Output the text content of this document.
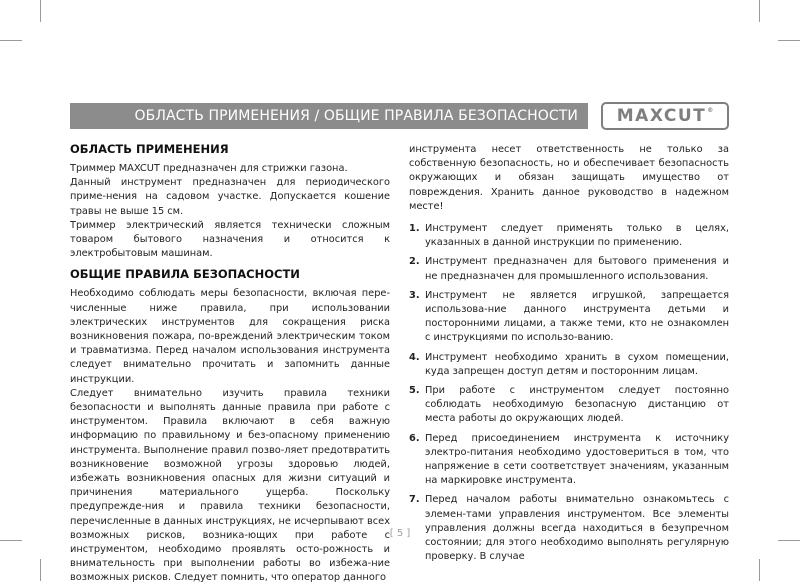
ОБЛАСТЬ ПРИМЕНЕНИЯ / ОБЩИЕ ПРАВИЛА БЕЗОПАСНОСТИ MAXCUT®
ОБЛАСТЬ ПРИМЕНЕНИЯ

Триммер MAXCUT предназначен для стрижки газона.

Данный инструмент предназначен для периодического приме-нения на садовом участке. Допускается кошение травы не выше 15 см.

Триммер электрический является технически сложным товаром бытового назначения и относится к электробытовым машинам.

ОБЩИЕ ПРАВИЛА БЕЗОПАСНОСТИ

Необходимо соблюдать меры безопасности, включая пере-численные ниже правила, при использовании электрических инструментов для сокращения риска возникновения пожара, по-вреждений электрическим током и травматизма. Перед началом использования инструмента следует внимательно прочитать и запомнить данные инструкции.

Следует внимательно изучить правила техники безопасности и выполнять данные правила при работе с инструментом. Правила включают в себя важную информацию по правильному и без-опасному применению инструмента. Выполнение правил позво-ляет предотвратить возникновение возможной угрозы здоровью людей, избежать возникновения опасных для жизни ситуаций и причинения материального ущерба. Поскольку предупрежде-ния и правила техники безопасности, перечисленные в данных инструкциях, не исчерпывают всех возможных рисков, возника-ющих при работе с инструментом, необходимо проявлять осто-рожность и внимательность при выполнении работы во избежа-ние возможных рисков. Следует помнить, что оператор данного

инструмента несет ответственность не только за собственную безопасность, но и обеспечивает безопасность окружающих и обязан защищать имущество от повреждения. Хранить данное руководство в надежном месте!

1. Инструмент следует применять только в целях, указанных в данной инструкции по применению.
2. Инструмент предназначен для бытового применения и не предназначен для промышленного использования.
3. Инструмент не является игрушкой, запрещается использова-ние данного инструмента детьми и посторонними лицами, а также теми, кто не ознакомлен с инструкциями по использо-ванию.
4. Инструмент необходимо хранить в сухом помещении, куда запрещен доступ детям и посторонним лицам.
5. При работе с инструментом следует постоянно соблюдать необходимую безопасную дистанцию от места работы до окружающих людей.
6. Перед присоединением инструмента к источнику электро-питания необходимо удостовериться в том, что напряжение в сети соответствует значениям, указанным на маркировке инструмента.
7. Перед началом работы внимательно ознакомьтесь с элемен-тами управления инструментом. Все элементы управления должны всегда находиться в безупречном состоянии; для этого необходимо выполнять регулярную проверку. В случае
[ 5 ]
